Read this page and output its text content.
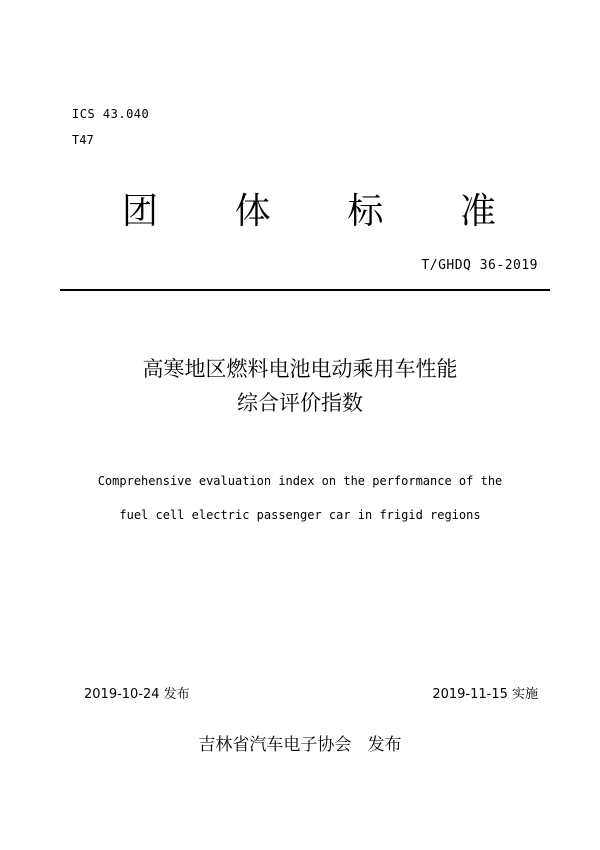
ICS 43.040
T47
团 体 标 准
T/GHDQ 36-2019
高寒地区燃料电池电动乘用车性能
综合评价指数
Comprehensive evaluation index on the performance of the
fuel cell electric passenger car in frigid regions
2019-10-24 发布	2019-11-15 实施
吉林省汽车电子协会   发布
